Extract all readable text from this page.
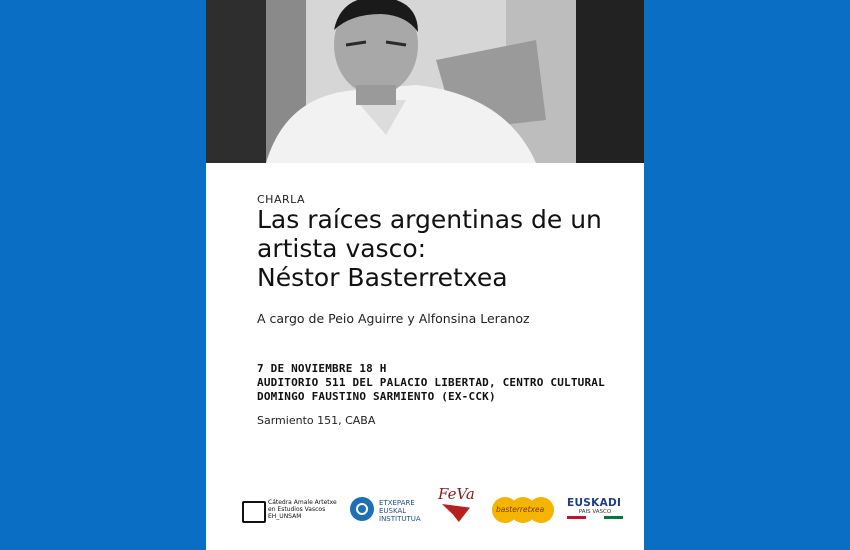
CHARLA
Las raíces argentinas de un
artista vasco:
Néstor Basterretxea
A cargo de Peio Aguirre y Alfonsina Leranoz
7 DE NOVIEMBRE 18 H
AUDITORIO 511 DEL PALACIO LIBERTAD, CENTRO CULTURAL
DOMINGO FAUSTINO SARMIENTO (EX-CCK)
Sarmiento 151, CABA
Cátedra Amale Artetxe
en Estudios Vascos
EH_UNSAM
ETXEPARE
EUSKAL
INSTITUTUA
FeVa
basterretxea
EUSKADI
PAIS VASCO
